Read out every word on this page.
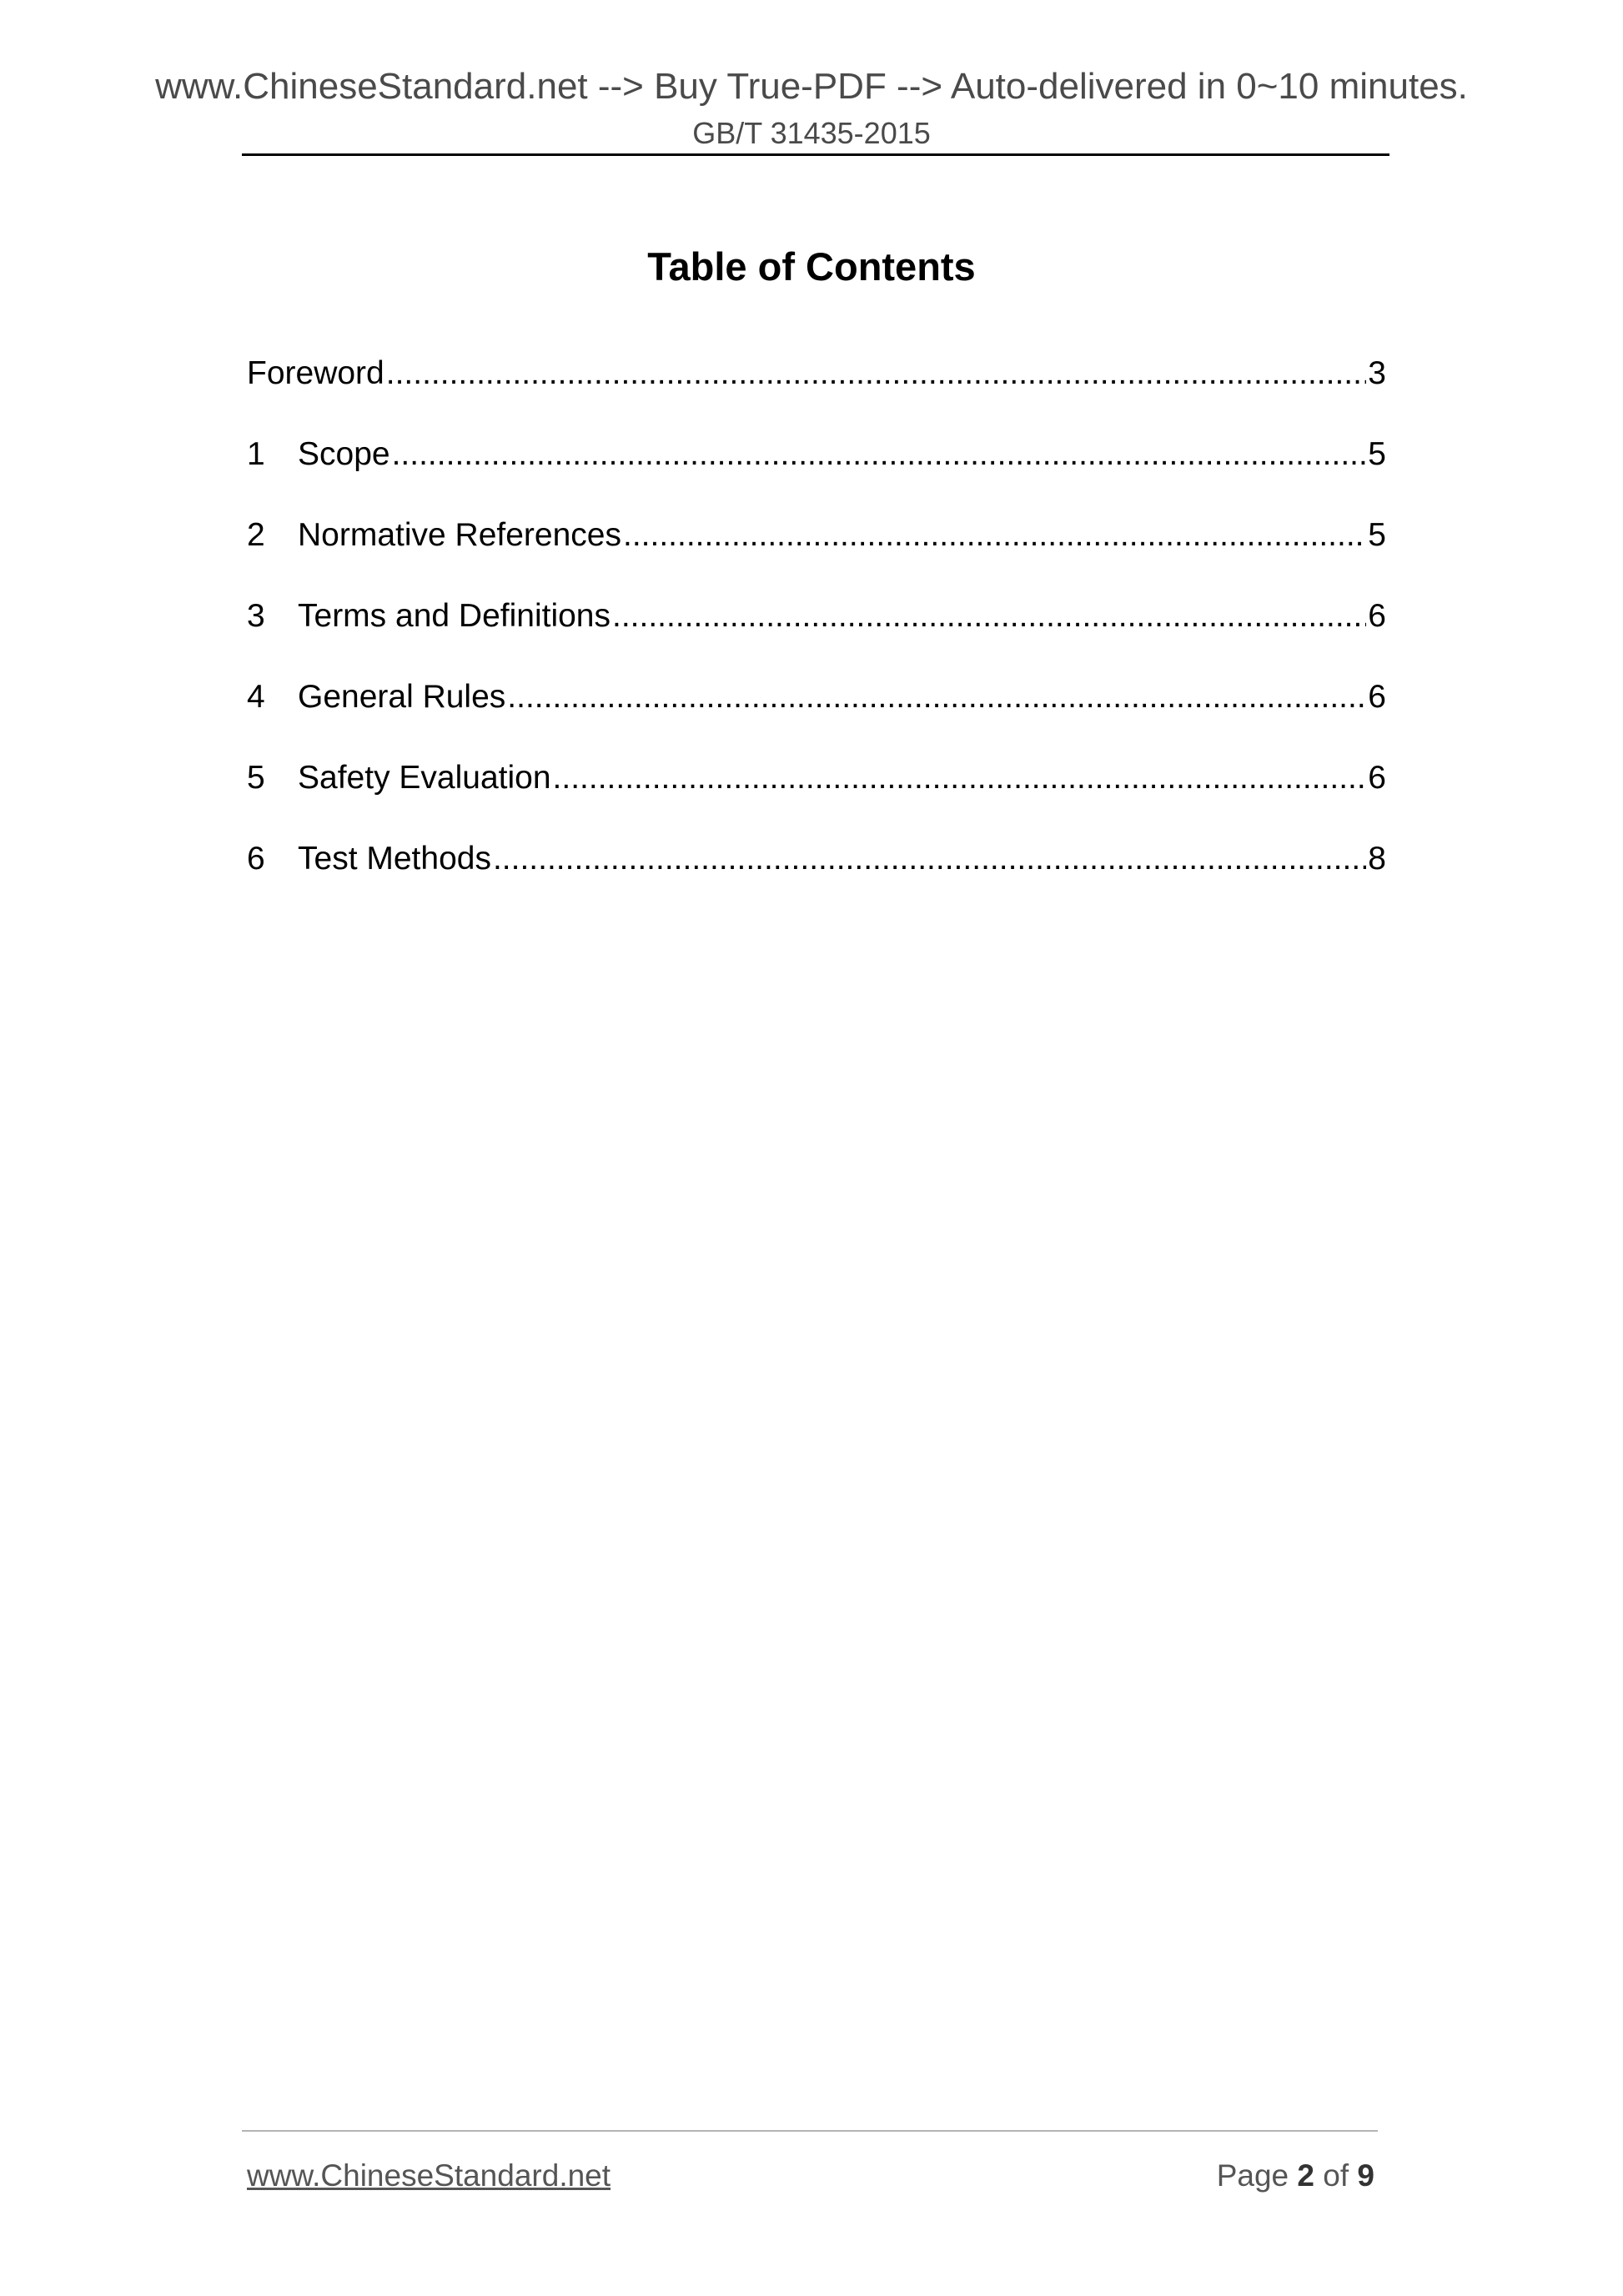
www.ChineseStandard.net --> Buy True-PDF --> Auto-delivered in 0~10 minutes.
GB/T 31435-2015
Table of Contents
Foreword .....	3
1	Scope .....	5
2	Normative References .....	5
3	Terms and Definitions .....	6
4	General Rules .....	6
5	Safety Evaluation .....	6
6	Test Methods .....	8
www.ChineseStandard.net	Page 2 of 9
